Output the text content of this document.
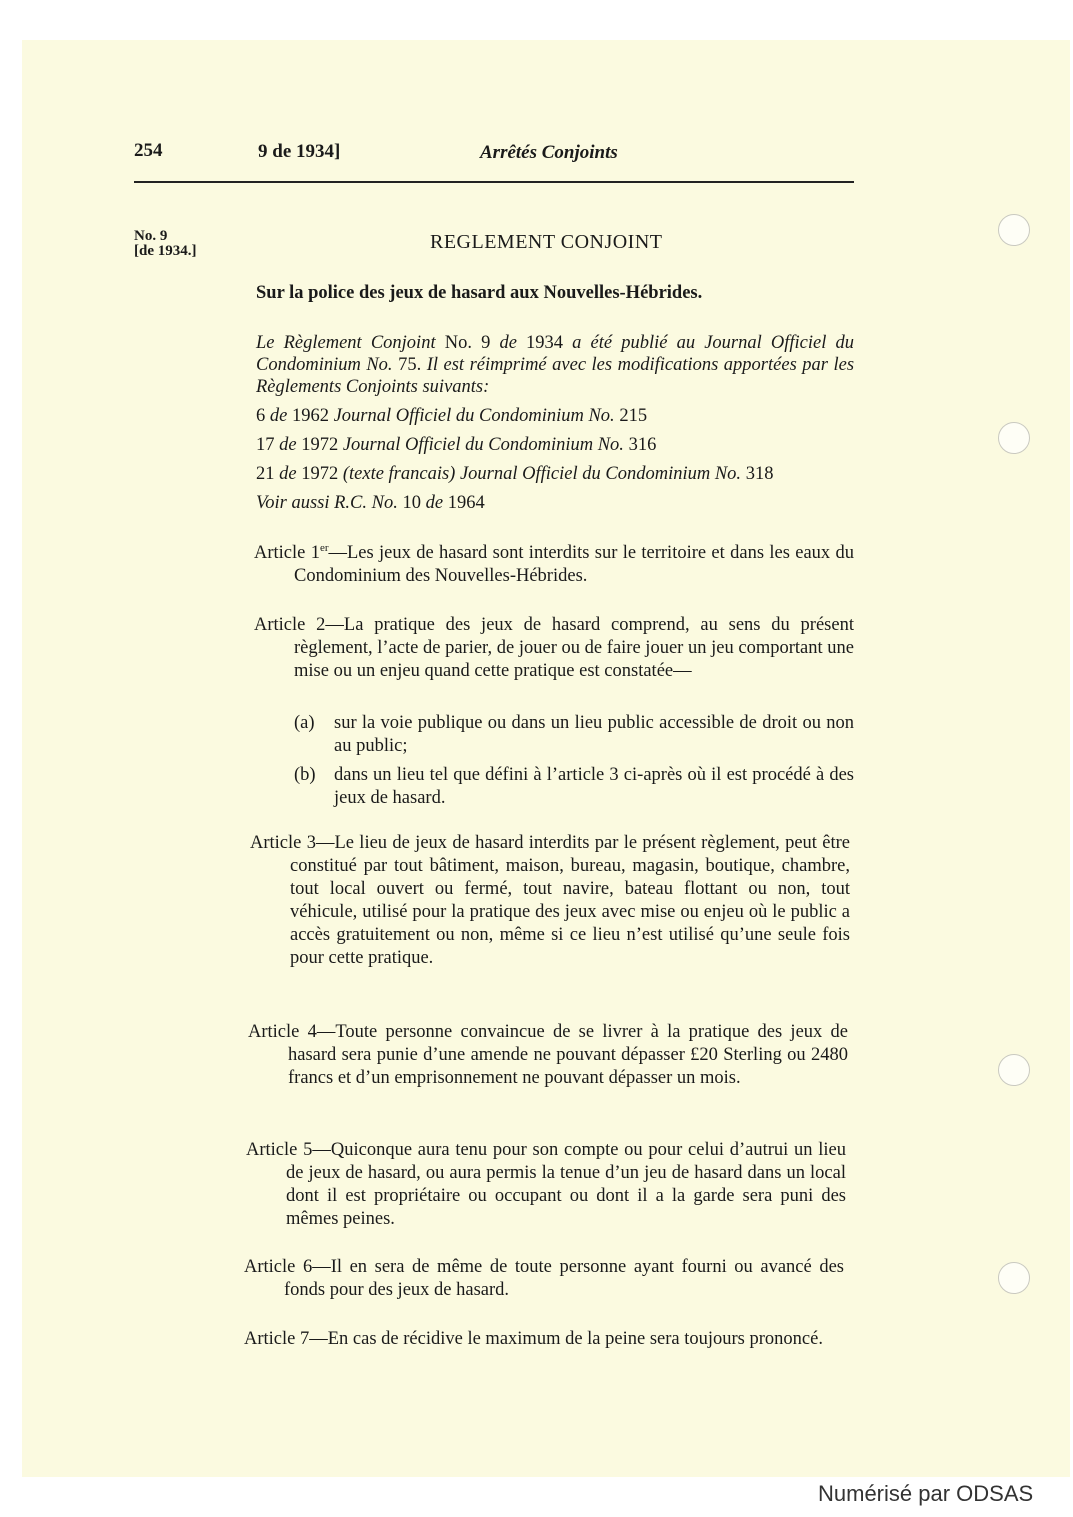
254	9 de 1934]	Arrêtés Conjoints
No. 9
[de 1934.]	REGLEMENT CONJOINT
Sur la police des jeux de hasard aux Nouvelles-Hébrides.
Le Règlement Conjoint No. 9 de 1934 a été publié au Journal Officiel du Condominium No. 75. Il est réimprimé avec les modifications apportées par les Règlements Conjoints suivants:
6 de 1962 Journal Officiel du Condominium No. 215
17 de 1972 Journal Officiel du Condominium No. 316
21 de 1972 (texte francais) Journal Officiel du Condominium No. 318
Voir aussi R.C. No. 10 de 1964
Article 1er—Les jeux de hasard sont interdits sur le territoire et dans les eaux du Condominium des Nouvelles-Hébrides.
Article 2—La pratique des jeux de hasard comprend, au sens du présent règlement, l’acte de parier, de jouer ou de faire jouer un jeu comportant une mise ou un enjeu quand cette pratique est constatée—
(a) sur la voie publique ou dans un lieu public accessible de droit ou non au public;
(b) dans un lieu tel que défini à l’article 3 ci-après où il est procédé à des jeux de hasard.
Article 3—Le lieu de jeux de hasard interdits par le présent règlement, peut être constitué par tout bâtiment, maison, bureau, magasin, boutique, chambre, tout local ouvert ou fermé, tout navire, bateau flottant ou non, tout véhicule, utilisé pour la pratique des jeux avec mise ou enjeu où le public a accès gratuitement ou non, même si ce lieu n’est utilisé qu’une seule fois pour cette pratique.
Article 4—Toute personne convaincue de se livrer à la pratique des jeux de hasard sera punie d’une amende ne pouvant dépasser £20 Sterling ou 2480 francs et d’un emprisonnement ne pouvant dépasser un mois.
Article 5—Quiconque aura tenu pour son compte ou pour celui d’autrui un lieu de jeux de hasard, ou aura permis la tenue d’un jeu de hasard dans un local dont il est propriétaire ou occupant ou dont il a la garde sera puni des mêmes peines.
Article 6—Il en sera de même de toute personne ayant fourni ou avancé des fonds pour des jeux de hasard.
Article 7—En cas de récidive le maximum de la peine sera toujours prononcé.
Numérisé par ODSAS
